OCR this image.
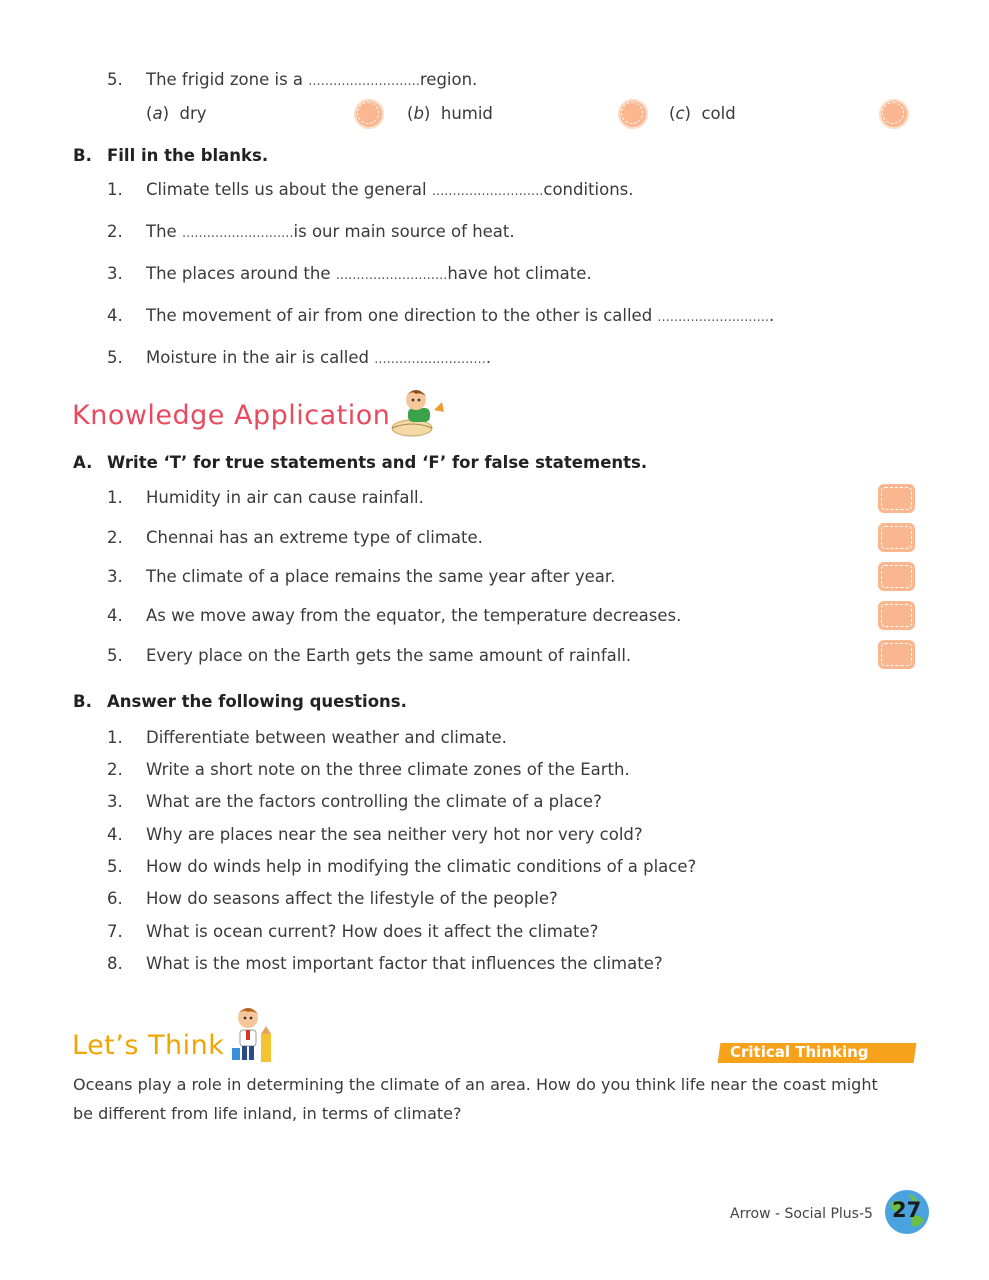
5. The frigid zone is a ...........................region.
(a)  dry	(b)  humid	(c)  cold
B. Fill in the blanks.
1. Climate tells us about the general ...........................conditions.
2. The ...........................is our main source of heat.
3. The places around the ...........................have hot climate.
4. The movement of air from one direction to the other is called ............................
5. Moisture in the air is called ............................
Knowledge Application
A. Write ‘T’ for true statements and ‘F’ for false statements.
1. Humidity in air can cause rainfall.
2. Chennai has an extreme type of climate.
3. The climate of a place remains the same year after year.
4. As we move away from the equator, the temperature decreases.
5. Every place on the Earth gets the same amount of rainfall.
B. Answer the following questions.
1. Differentiate between weather and climate.
2. Write a short note on the three climate zones of the Earth.
3. What are the factors controlling the climate of a place?
4. Why are places near the sea neither very hot nor very cold?
5. How do winds help in modifying the climatic conditions of a place?
6. How do seasons affect the lifestyle of the people?
7. What is ocean current? How does it affect the climate?
8. What is the most important factor that influences the climate?
Let’s Think	Critical Thinking
Oceans play a role in determining the climate of an area. How do you think life near the coast might
be different from life inland, in terms of climate?
Arrow - Social Plus-5 27
